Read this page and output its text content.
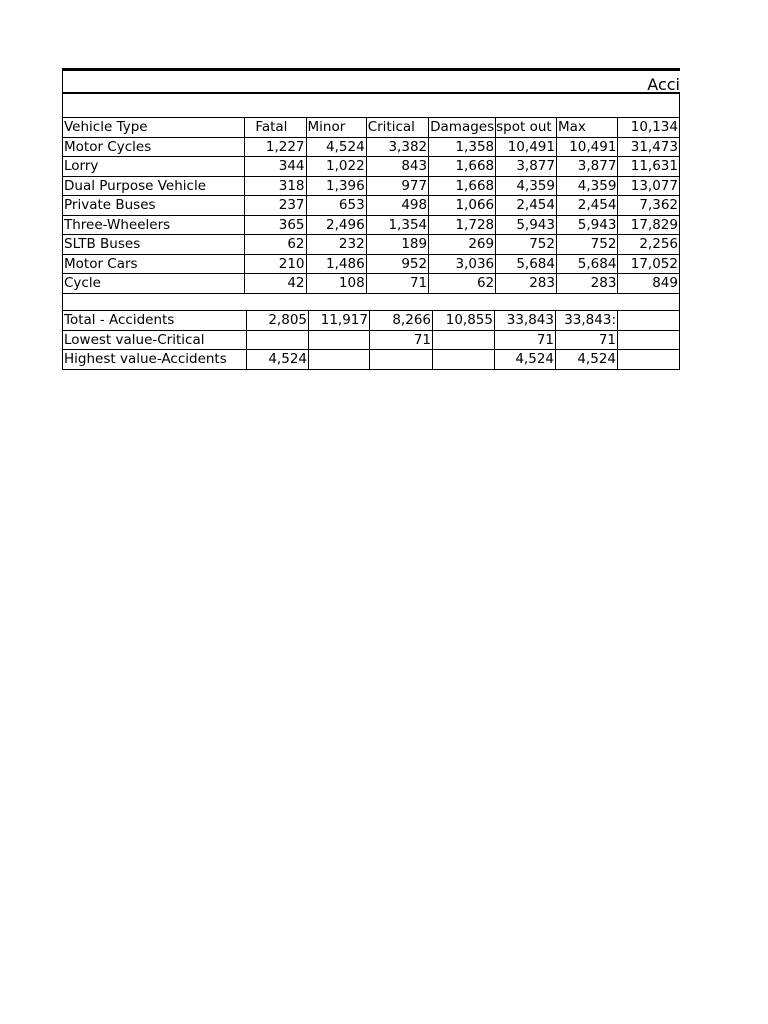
Acci
Vehicle Type	Fatal	Minor	Critical	Damages	spot out	Max	10,134
Motor Cycles	1,227	4,524	3,382	1,358	10,491	10,491	31,473
Lorry	344	1,022	843	1,668	3,877	3,877	11,631
Dual Purpose Vehicle	318	1,396	977	1,668	4,359	4,359	13,077
Private Buses	237	653	498	1,066	2,454	2,454	7,362
Three-Wheelers	365	2,496	1,354	1,728	5,943	5,943	17,829
SLTB Buses	62	232	189	269	752	752	2,256
Motor Cars	210	1,486	952	3,036	5,684	5,684	17,052
Cycle	42	108	71	62	283	283	849
Total - Accidents	2,805	11,917	8,266	10,855	33,843	33,843:	
Lowest value-Critical			71		71	71	
Highest value-Accidents	4,524				4,524	4,524	
